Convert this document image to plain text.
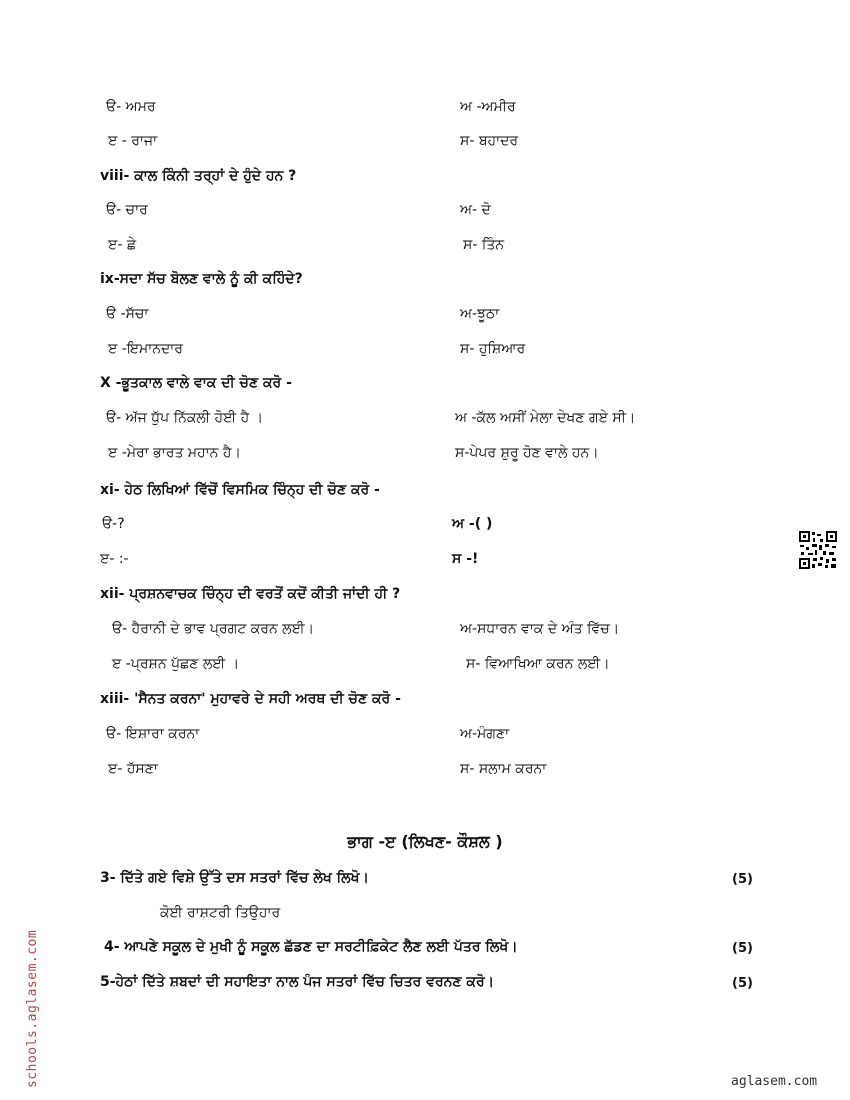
ੳ- ਅਮਰ	ਅ -ਅਮੀਰ
ੲ - ਰਾਜਾ	ਸ- ਬਹਾਦਰ
viii- ਕਾਲ ਕਿੰਨੀ ਤਰ੍ਹਾਂ ਦੇ ਹੁੰਦੇ ਹਨ ?
ੳ- ਚਾਰ	ਅ- ਦੋ
ੲ- ਛੇ	ਸ- ਤਿੰਨ
ix-ਸਦਾ ਸੱਚ ਬੋਲਣ ਵਾਲੇ ਨੂੰ ਕੀ ਕਹਿੰਦੇ?
ੳ -ਸੱਚਾ	ਅ-ਝੂਠਾ
ੲ -ਇਮਾਨਦਾਰ	ਸ- ਹੁਸ਼ਿਆਰ
X -ਭੂਤਕਾਲ ਵਾਲੇ ਵਾਕ ਦੀ ਚੋਣ ਕਰੋ -
ੳ- ਅੱਜ ਧੁੱਪ ਨਿੱਕਲੀ ਹੋਈ ਹੈ ।	ਅ -ਕੱਲ ਅਸੀਂ ਮੇਲਾ ਦੇਖਣ ਗਏ ਸੀ।
ੲ -ਮੇਰਾ ਭਾਰਤ ਮਹਾਨ ਹੈ।	ਸ-ਪੇਪਰ ਸ਼ੁਰੂ ਹੋਣ ਵਾਲੇ ਹਨ।
xi- ਹੇਠ ਲਿਖਿਆਂ ਵਿੱਚੋਂ ਵਿਸਮਿਕ ਚਿੰਨ੍ਹ ਦੀ ਚੋਣ ਕਰੋ -
ੳ-?	ਅ -( )
ੲ- :-	ਸ -!
xii- ਪ੍ਰਸ਼ਨਵਾਚਕ ਚਿੰਨ੍ਹ ਦੀ ਵਰਤੋਂ ਕਦੋਂ ਕੀਤੀ ਜਾਂਦੀ ਹੀ ?
ੳ- ਹੈਰਾਨੀ ਦੇ ਭਾਵ ਪ੍ਰਗਟ ਕਰਨ ਲਈ।	ਅ-ਸਧਾਰਨ ਵਾਕ ਦੇ ਅੰਤ ਵਿੱਚ।
ੲ -ਪ੍ਰਸ਼ਨ ਪੁੱਛਣ ਲਈ ।	ਸ- ਵਿਆਖਿਆ ਕਰਨ ਲਈ।
xiii- 'ਸੈਨਤ ਕਰਨਾ' ਮੁਹਾਵਰੇ ਦੇ ਸਹੀ ਅਰਥ ਦੀ ਚੋਣ ਕਰੋ -
ੳ- ਇਸ਼ਾਰਾ ਕਰਨਾ	ਅ-ਮੰਗਣਾ
ੲ- ਹੱਸਣਾ	ਸ- ਸਲਾਮ ਕਰਨਾ
ਭਾਗ -ੲ (ਲਿਖਣ- ਕੌਸ਼ਲ )
3- ਦਿੱਤੇ ਗਏ ਵਿਸ਼ੇ ਉੱਤੇ ਦਸ ਸਤਰਾਂ ਵਿੱਚ ਲੇਖ ਲਿਖੋ।	(5)
ਕੋਈ ਰਾਸ਼ਟਰੀ ਤਿਉਹਾਰ
4- ਆਪਣੇ ਸਕੂਲ ਦੇ ਮੁਖੀ ਨੂੰ ਸਕੂਲ ਛੱਡਣ ਦਾ ਸਰਟੀਫ਼ਿਕੇਟ ਲੈਣ ਲਈ ਪੱਤਰ ਲਿਖੋ।	(5)
5-ਹੇਠਾਂ ਦਿੱਤੇ ਸ਼ਬਦਾਂ ਦੀ ਸਹਾਇਤਾ ਨਾਲ ਪੰਜ ਸਤਰਾਂ ਵਿੱਚ ਚਿਤਰ ਵਰਨਣ ਕਰੋ।	(5)
schools.aglasem.com	aglasem.com
